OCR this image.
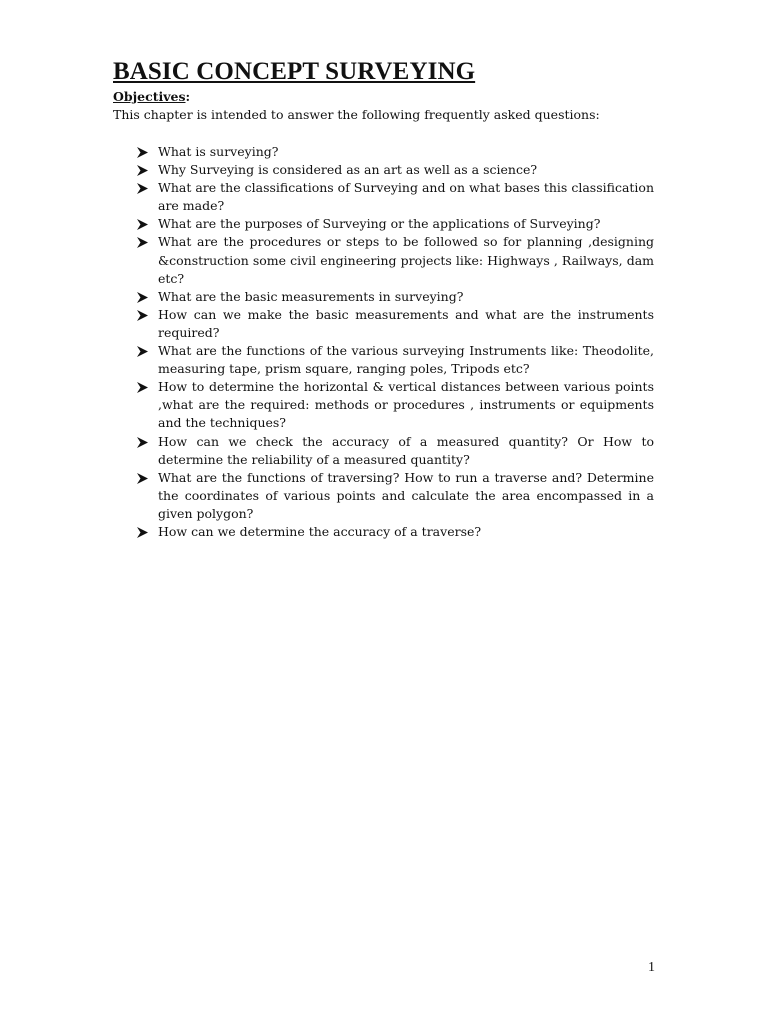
BASIC CONCEPT SURVEYING
Objectives:
This chapter is intended to answer the following frequently asked questions:
What is surveying?
Why Surveying is considered as an art as well as a science?
What are the classifications of Surveying and on what bases this classification are made?
What are the purposes of Surveying or the applications of Surveying?
What are the procedures or steps to be followed so for planning ,designing &construction some civil engineering projects like: Highways , Railways, dam etc?
What are the basic measurements in surveying?
How can we make the basic measurements and what are the instruments required?
What are the functions of the various surveying Instruments like: Theodolite, measuring tape, prism square, ranging poles, Tripods etc?
How to determine the horizontal & vertical distances between various points ,what are the required: methods or procedures , instruments or equipments and the techniques?
How can we check the accuracy of a measured quantity? Or How to determine the reliability of a measured quantity?
What are the functions of traversing? How to run a traverse and? Determine the coordinates of various points and calculate the area encompassed in a given polygon?
How can we determine the accuracy of a traverse?
1
